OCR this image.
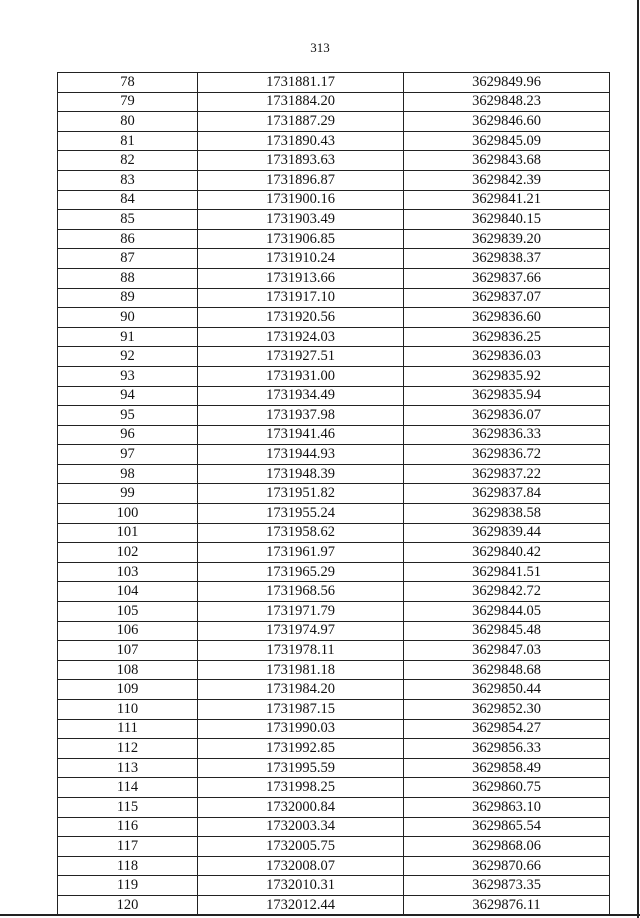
313
78	1731881.17	3629849.96
79	1731884.20	3629848.23
80	1731887.29	3629846.60
81	1731890.43	3629845.09
82	1731893.63	3629843.68
83	1731896.87	3629842.39
84	1731900.16	3629841.21
85	1731903.49	3629840.15
86	1731906.85	3629839.20
87	1731910.24	3629838.37
88	1731913.66	3629837.66
89	1731917.10	3629837.07
90	1731920.56	3629836.60
91	1731924.03	3629836.25
92	1731927.51	3629836.03
93	1731931.00	3629835.92
94	1731934.49	3629835.94
95	1731937.98	3629836.07
96	1731941.46	3629836.33
97	1731944.93	3629836.72
98	1731948.39	3629837.22
99	1731951.82	3629837.84
100	1731955.24	3629838.58
101	1731958.62	3629839.44
102	1731961.97	3629840.42
103	1731965.29	3629841.51
104	1731968.56	3629842.72
105	1731971.79	3629844.05
106	1731974.97	3629845.48
107	1731978.11	3629847.03
108	1731981.18	3629848.68
109	1731984.20	3629850.44
110	1731987.15	3629852.30
111	1731990.03	3629854.27
112	1731992.85	3629856.33
113	1731995.59	3629858.49
114	1731998.25	3629860.75
115	1732000.84	3629863.10
116	1732003.34	3629865.54
117	1732005.75	3629868.06
118	1732008.07	3629870.66
119	1732010.31	3629873.35
120	1732012.44	3629876.11
